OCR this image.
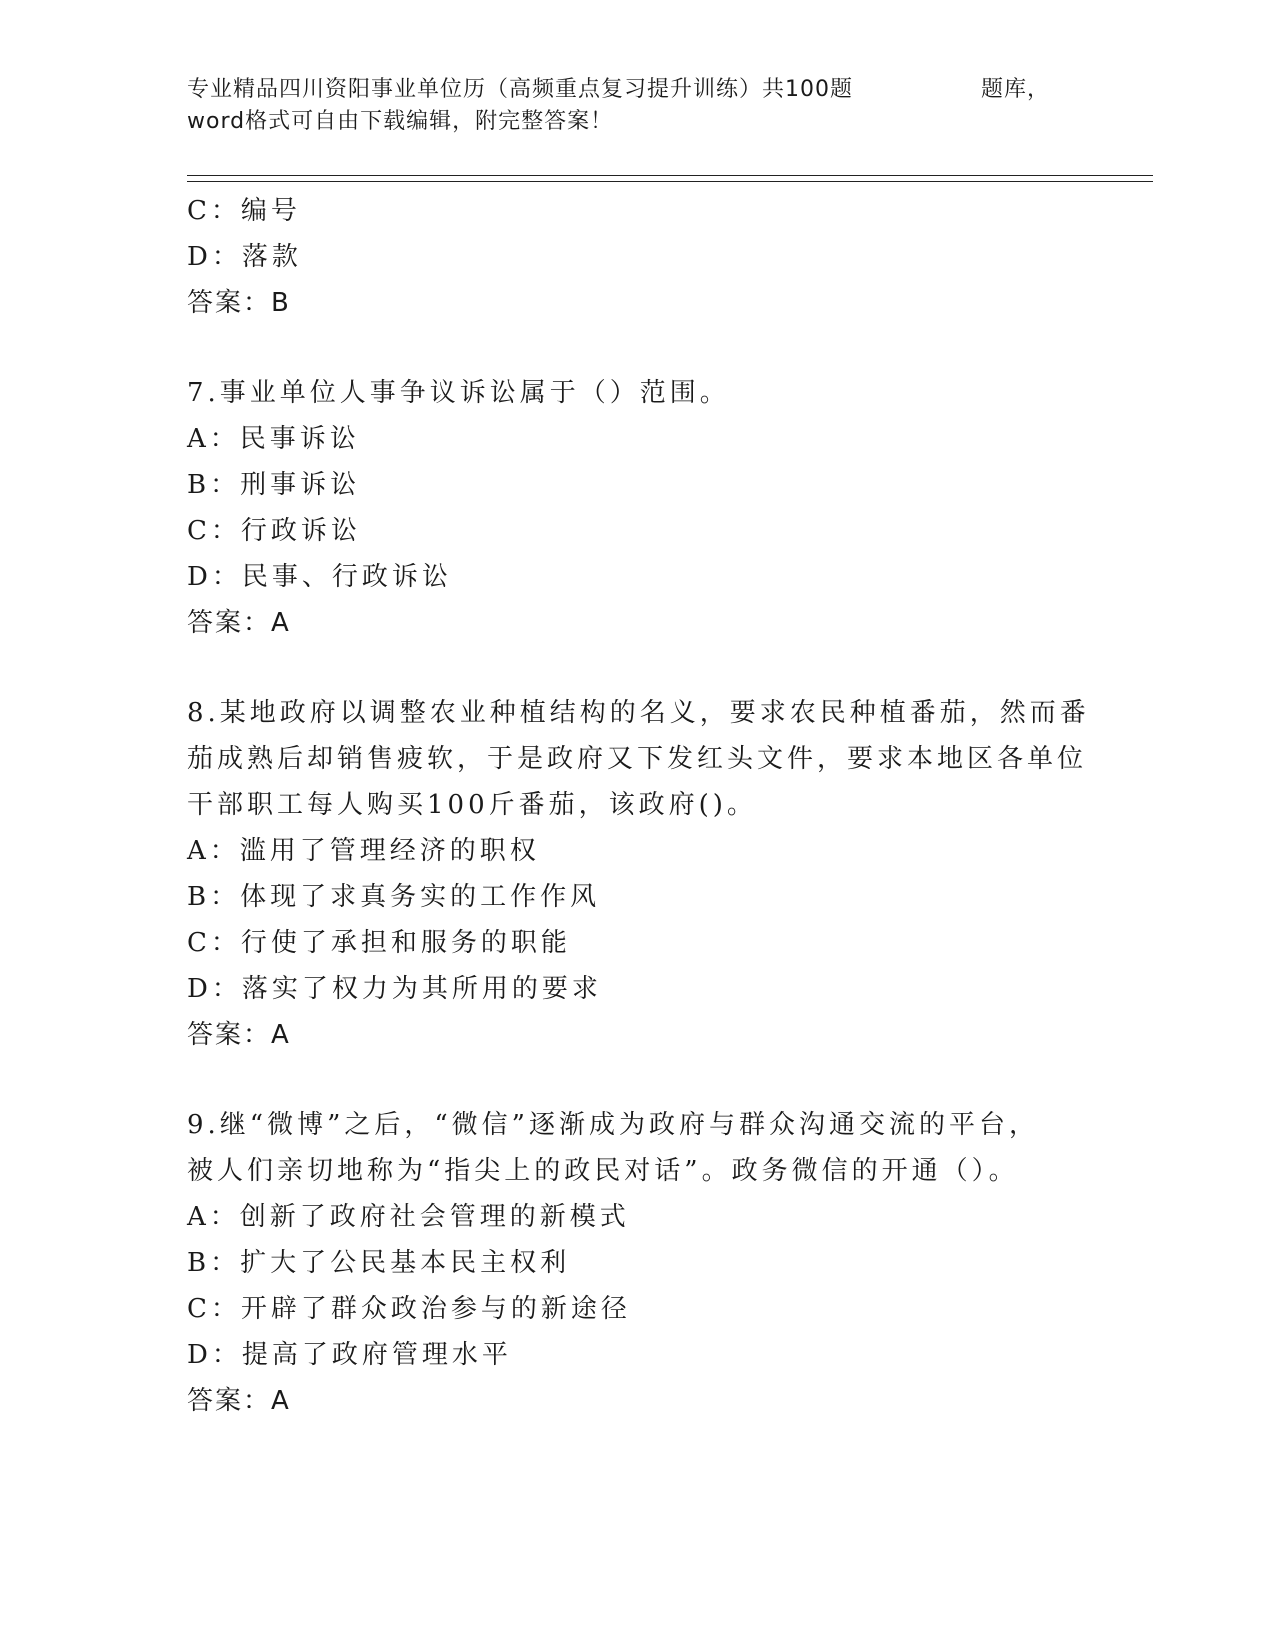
专业精品四川资阳事业单位历（高频重点复习提升训练）共100题	题库，
word格式可自由下载编辑，附完整答案！
C：编号
D：落款
答案：B
7.事业单位人事争议诉讼属于（）范围。
A：民事诉讼
B：刑事诉讼
C：行政诉讼
D：民事、行政诉讼
答案：A
8.某地政府以调整农业种植结构的名义，要求农民种植番茄，然而番
茄成熟后却销售疲软，于是政府又下发红头文件，要求本地区各单位
干部职工每人购买100斤番茄，该政府()。
A：滥用了管理经济的职权
B：体现了求真务实的工作作风
C：行使了承担和服务的职能
D：落实了权力为其所用的要求
答案：A
9.继“微博”之后，“微信”逐渐成为政府与群众沟通交流的平台，
被人们亲切地称为“指尖上的政民对话”。政务微信的开通（）。
A：创新了政府社会管理的新模式
B：扩大了公民基本民主权利
C：开辟了群众政治参与的新途径
D：提高了政府管理水平
答案：A
